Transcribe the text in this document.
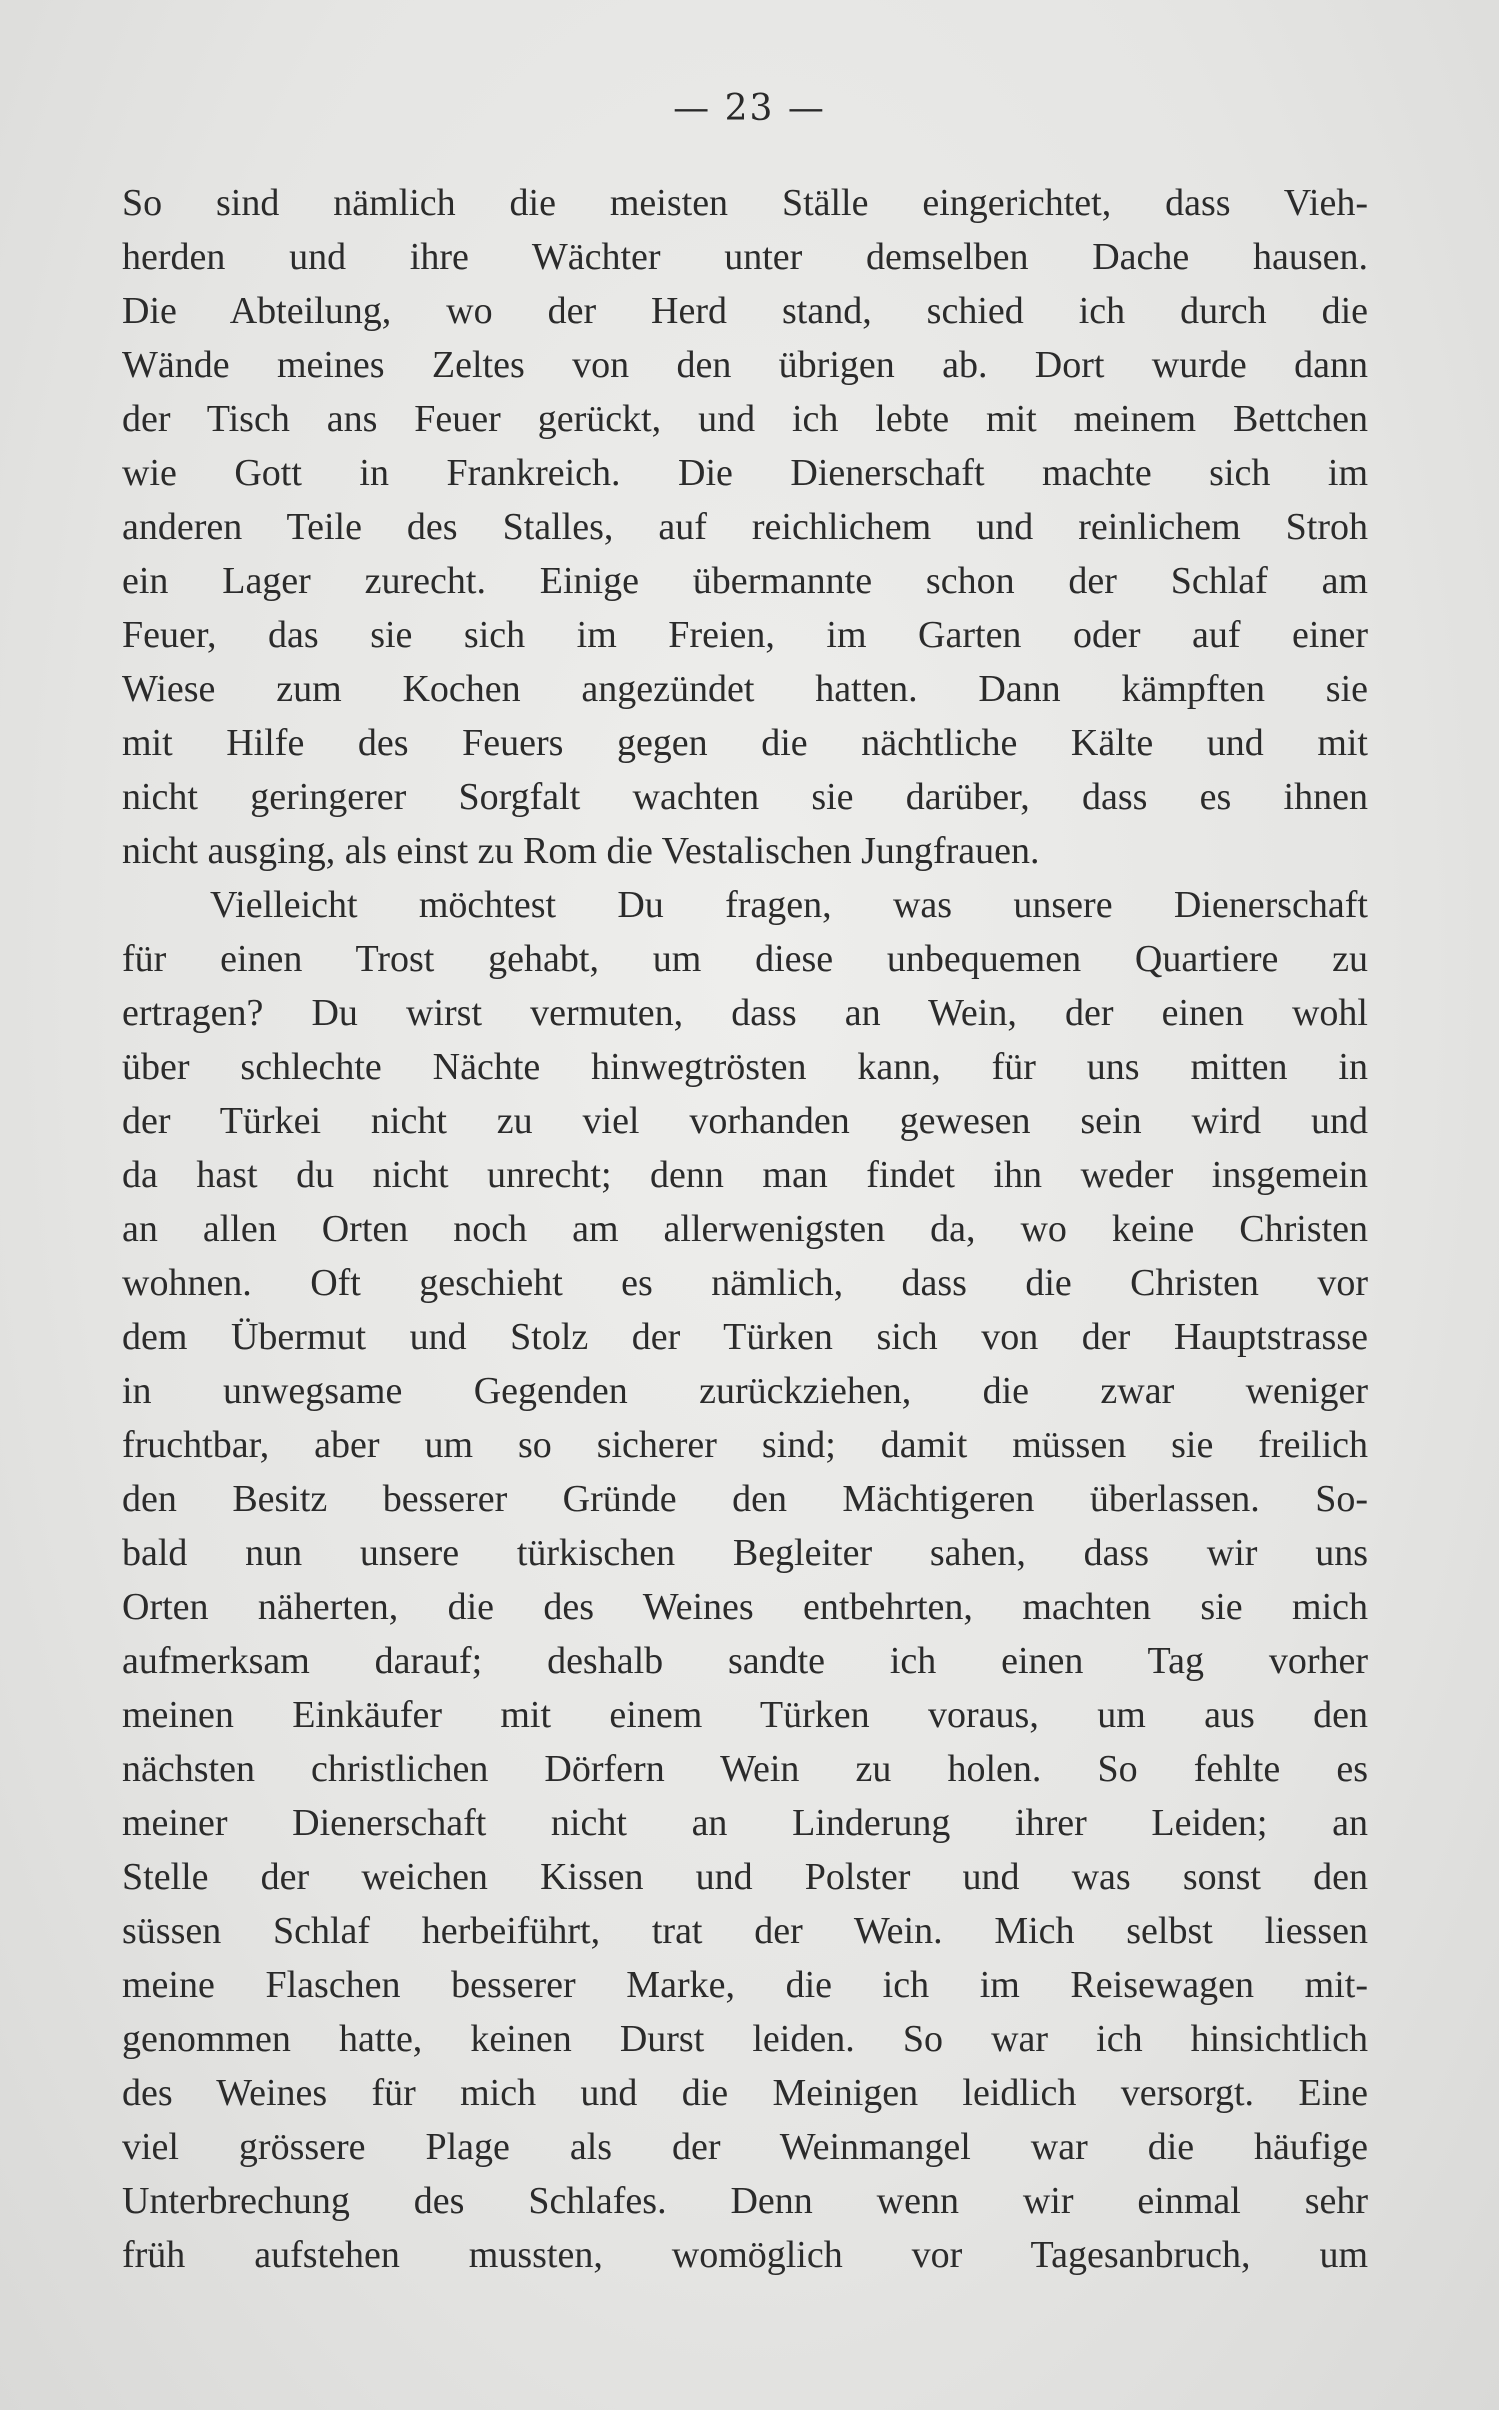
— 23 —
So sind nämlich die meisten Ställe eingerichtet, dass Vieh-
herden und ihre Wächter unter demselben Dache hausen.
Die Abteilung, wo der Herd stand, schied ich durch die
Wände meines Zeltes von den übrigen ab. Dort wurde dann
der Tisch ans Feuer gerückt, und ich lebte mit meinem Bettchen
wie Gott in Frankreich. Die Dienerschaft machte sich im
anderen Teile des Stalles, auf reichlichem und reinlichem Stroh
ein Lager zurecht. Einige übermannte schon der Schlaf am
Feuer, das sie sich im Freien, im Garten oder auf einer
Wiese zum Kochen angezündet hatten. Dann kämpften sie
mit Hilfe des Feuers gegen die nächtliche Kälte und mit
nicht geringerer Sorgfalt wachten sie darüber, dass es ihnen
nicht ausging, als einst zu Rom die Vestalischen Jungfrauen.
Vielleicht möchtest Du fragen, was unsere Dienerschaft
für einen Trost gehabt, um diese unbequemen Quartiere zu
ertragen? Du wirst vermuten, dass an Wein, der einen wohl
über schlechte Nächte hinwegtrösten kann, für uns mitten in
der Türkei nicht zu viel vorhanden gewesen sein wird und
da hast du nicht unrecht; denn man findet ihn weder insgemein
an allen Orten noch am allerwenigsten da, wo keine Christen
wohnen. Oft geschieht es nämlich, dass die Christen vor
dem Übermut und Stolz der Türken sich von der Hauptstrasse
in unwegsame Gegenden zurückziehen, die zwar weniger
fruchtbar, aber um so sicherer sind; damit müssen sie freilich
den Besitz besserer Gründe den Mächtigeren überlassen. So-
bald nun unsere türkischen Begleiter sahen, dass wir uns
Orten näherten, die des Weines entbehrten, machten sie mich
aufmerksam darauf; deshalb sandte ich einen Tag vorher
meinen Einkäufer mit einem Türken voraus, um aus den
nächsten christlichen Dörfern Wein zu holen. So fehlte es
meiner Dienerschaft nicht an Linderung ihrer Leiden; an
Stelle der weichen Kissen und Polster und was sonst den
süssen Schlaf herbeiführt, trat der Wein. Mich selbst liessen
meine Flaschen besserer Marke, die ich im Reisewagen mit-
genommen hatte, keinen Durst leiden. So war ich hinsichtlich
des Weines für mich und die Meinigen leidlich versorgt. Eine
viel grössere Plage als der Weinmangel war die häufige
Unterbrechung des Schlafes. Denn wenn wir einmal sehr
früh aufstehen mussten, womöglich vor Tagesanbruch, um
